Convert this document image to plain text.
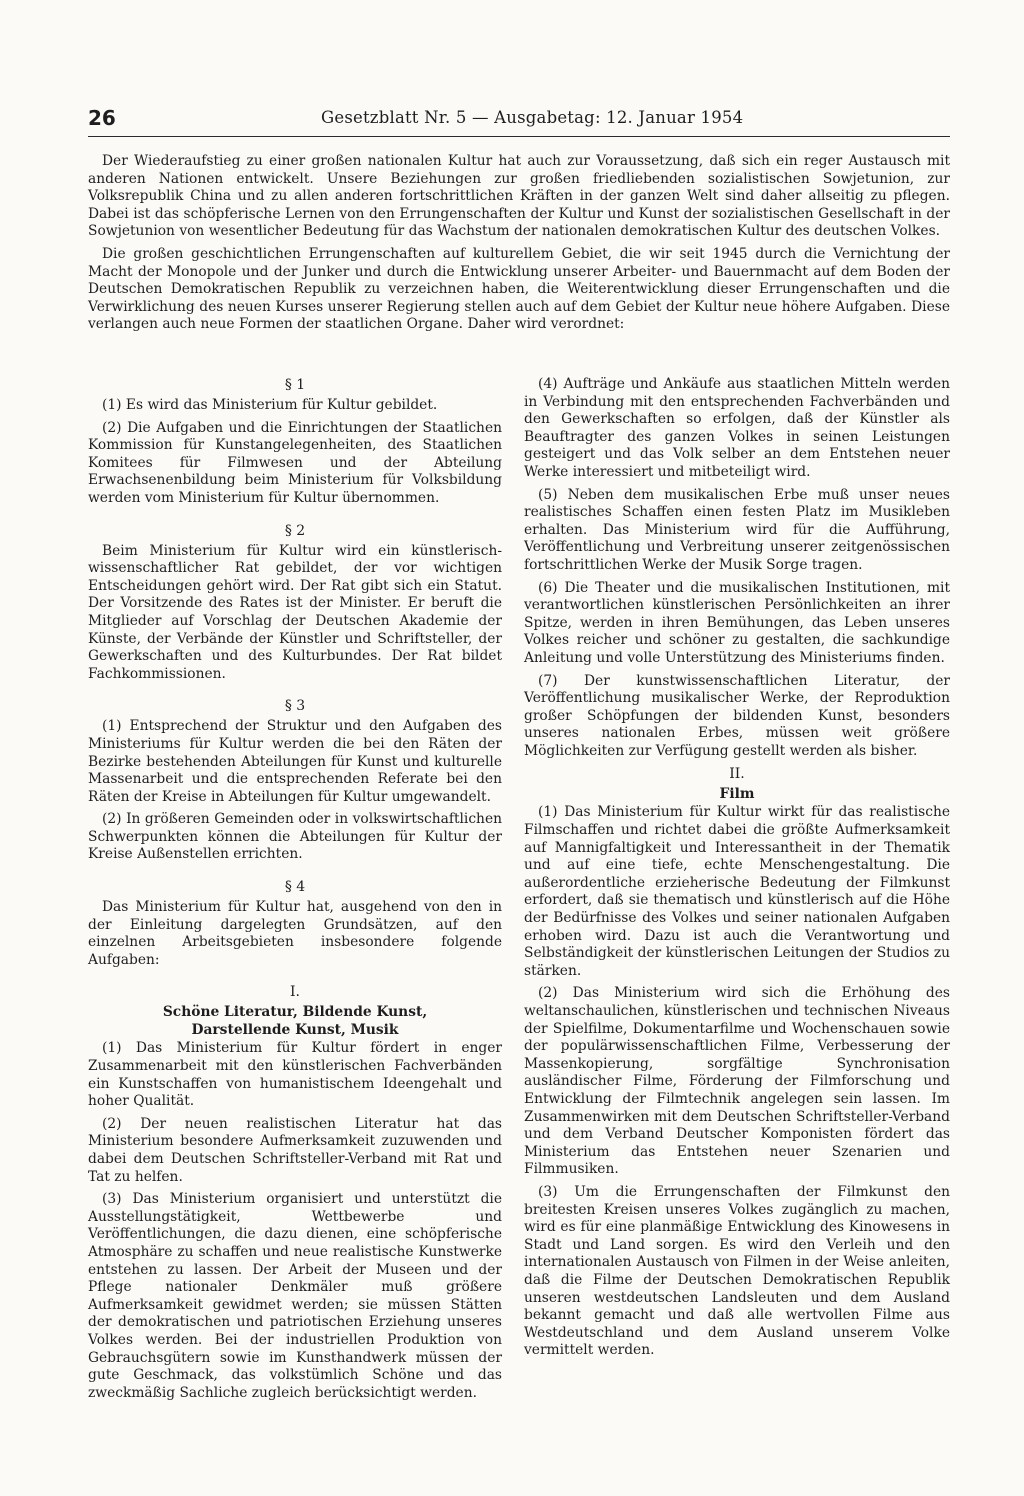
26	Gesetzblatt Nr. 5 — Ausgabetag: 12. Januar 1954

Der Wiederaufstieg zu einer großen nationalen Kultur hat auch zur Voraussetzung, daß sich ein reger Austausch mit anderen Nationen entwickelt. Unsere Beziehungen zur großen friedliebenden sozialistischen Sowjetunion, zur Volksrepublik China und zu allen anderen fortschrittlichen Kräften in der ganzen Welt sind daher allseitig zu pflegen. Dabei ist das schöpferische Lernen von den Errungenschaften der Kultur und Kunst der sozialistischen Gesellschaft in der Sowjetunion von wesentlicher Bedeutung für das Wachstum der nationalen demokratischen Kultur des deutschen Volkes.

Die großen geschichtlichen Errungenschaften auf kulturellem Gebiet, die wir seit 1945 durch die Vernichtung der Macht der Monopole und der Junker und durch die Entwicklung unserer Arbeiter- und Bauernmacht auf dem Boden der Deutschen Demokratischen Republik zu verzeichnen haben, die Weiterentwicklung dieser Errungenschaften und die Verwirklichung des neuen Kurses unserer Regierung stellen auch auf dem Gebiet der Kultur neue höhere Aufgaben. Diese verlangen auch neue Formen der staatlichen Organe. Daher wird verordnet:

§ 1

(1) Es wird das Ministerium für Kultur gebildet.

(2) Die Aufgaben und die Einrichtungen der Staatlichen Kommission für Kunstangelegenheiten, des Staatlichen Komitees für Filmwesen und der Abteilung Erwachsenenbildung beim Ministerium für Volksbildung werden vom Ministerium für Kultur übernommen.

§ 2

Beim Ministerium für Kultur wird ein künstlerisch-wissenschaftlicher Rat gebildet, der vor wichtigen Entscheidungen gehört wird. Der Rat gibt sich ein Statut. Der Vorsitzende des Rates ist der Minister. Er beruft die Mitglieder auf Vorschlag der Deutschen Akademie der Künste, der Verbände der Künstler und Schriftsteller, der Gewerkschaften und des Kulturbundes. Der Rat bildet Fachkommissionen.

§ 3

(1) Entsprechend der Struktur und den Aufgaben des Ministeriums für Kultur werden die bei den Räten der Bezirke bestehenden Abteilungen für Kunst und kulturelle Massenarbeit und die entsprechenden Referate bei den Räten der Kreise in Abteilungen für Kultur umgewandelt.

(2) In größeren Gemeinden oder in volkswirtschaftlichen Schwerpunkten können die Abteilungen für Kultur der Kreise Außenstellen errichten.

§ 4

Das Ministerium für Kultur hat, ausgehend von den in der Einleitung dargelegten Grundsätzen, auf den einzelnen Arbeitsgebieten insbesondere folgende Aufgaben:

I.
Schöne Literatur, Bildende Kunst,
Darstellende Kunst, Musik

(1) Das Ministerium für Kultur fördert in enger Zusammenarbeit mit den künstlerischen Fachverbänden ein Kunstschaffen von humanistischem Ideengehalt und hoher Qualität.

(2) Der neuen realistischen Literatur hat das Ministerium besondere Aufmerksamkeit zuzuwenden und dabei dem Deutschen Schriftsteller-Verband mit Rat und Tat zu helfen.

(3) Das Ministerium organisiert und unterstützt die Ausstellungstätigkeit, Wettbewerbe und Veröffentlichungen, die dazu dienen, eine schöpferische Atmosphäre zu schaffen und neue realistische Kunstwerke entstehen zu lassen. Der Arbeit der Museen und der Pflege nationaler Denkmäler muß größere Aufmerksamkeit gewidmet werden; sie müssen Stätten der demokratischen und patriotischen Erziehung unseres Volkes werden. Bei der industriellen Produktion von Gebrauchsgütern sowie im Kunsthandwerk müssen der gute Geschmack, das volkstümlich Schöne und das zweckmäßig Sachliche zugleich berücksichtigt werden.

(4) Aufträge und Ankäufe aus staatlichen Mitteln werden in Verbindung mit den entsprechenden Fachverbänden und den Gewerkschaften so erfolgen, daß der Künstler als Beauftragter des ganzen Volkes in seinen Leistungen gesteigert und das Volk selber an dem Entstehen neuer Werke interessiert und mitbeteiligt wird.

(5) Neben dem musikalischen Erbe muß unser neues realistisches Schaffen einen festen Platz im Musikleben erhalten. Das Ministerium wird für die Aufführung, Veröffentlichung und Verbreitung unserer zeitgenössischen fortschrittlichen Werke der Musik Sorge tragen.

(6) Die Theater und die musikalischen Institutionen, mit verantwortlichen künstlerischen Persönlichkeiten an ihrer Spitze, werden in ihren Bemühungen, das Leben unseres Volkes reicher und schöner zu gestalten, die sachkundige Anleitung und volle Unterstützung des Ministeriums finden.

(7) Der kunstwissenschaftlichen Literatur, der Veröffentlichung musikalischer Werke, der Reproduktion großer Schöpfungen der bildenden Kunst, besonders unseres nationalen Erbes, müssen weit größere Möglichkeiten zur Verfügung gestellt werden als bisher.

II.
Film

(1) Das Ministerium für Kultur wirkt für das realistische Filmschaffen und richtet dabei die größte Aufmerksamkeit auf Mannigfaltigkeit und Interessantheit in der Thematik und auf eine tiefe, echte Menschengestaltung. Die außerordentliche erzieherische Bedeutung der Filmkunst erfordert, daß sie thematisch und künstlerisch auf die Höhe der Bedürfnisse des Volkes und seiner nationalen Aufgaben erhoben wird. Dazu ist auch die Verantwortung und Selbständigkeit der künstlerischen Leitungen der Studios zu stärken.

(2) Das Ministerium wird sich die Erhöhung des weltanschaulichen, künstlerischen und technischen Niveaus der Spielfilme, Dokumentarfilme und Wochenschauen sowie der populärwissenschaftlichen Filme, Verbesserung der Massenkopierung, sorgfältige Synchronisation ausländischer Filme, Förderung der Filmforschung und Entwicklung der Filmtechnik angelegen sein lassen. Im Zusammenwirken mit dem Deutschen Schriftsteller-Verband und dem Verband Deutscher Komponisten fördert das Ministerium das Entstehen neuer Szenarien und Filmmusiken.

(3) Um die Errungenschaften der Filmkunst den breitesten Kreisen unseres Volkes zugänglich zu machen, wird es für eine planmäßige Entwicklung des Kinowesens in Stadt und Land sorgen. Es wird den Verleih und den internationalen Austausch von Filmen in der Weise anleiten, daß die Filme der Deutschen Demokratischen Republik unseren westdeutschen Landsleuten und dem Ausland bekannt gemacht und daß alle wertvollen Filme aus Westdeutschland und dem Ausland unserem Volke vermittelt werden.
